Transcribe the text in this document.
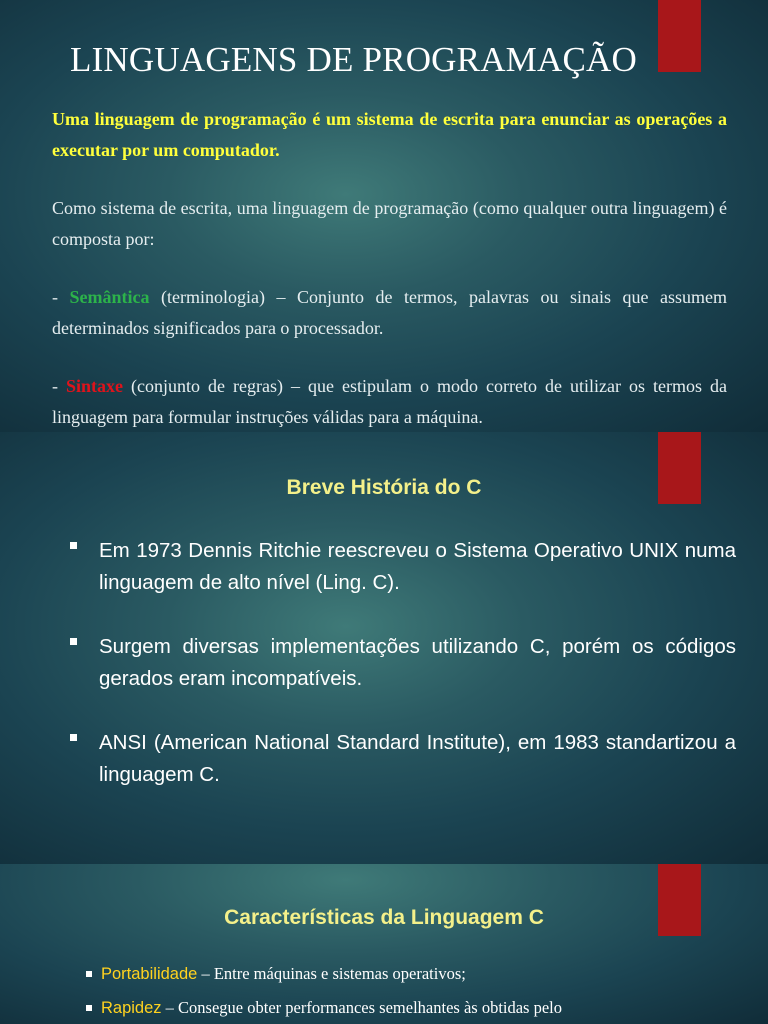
LINGUAGENS DE PROGRAMAÇÃO

Uma linguagem de programação é um sistema de escrita para enunciar as operações a executar por um computador.

Como sistema de escrita, uma linguagem de programação (como qualquer outra linguagem) é composta por:

- Semântica (terminologia) – Conjunto de termos, palavras ou sinais que assumem determinados significados para o processador.

- Sintaxe (conjunto de regras) – que estipulam o modo correto de utilizar os termos da linguagem para formular instruções válidas para a máquina.

Breve História do C
Em 1973 Dennis Ritchie reescreveu o Sistema Operativo UNIX numa linguagem de alto nível (Ling. C).
Surgem diversas implementações utilizando C, porém os códigos gerados eram incompatíveis.
ANSI (American National Standard Institute), em 1983 standartizou a linguagem C.
Características da Linguagem C
Portabilidade – Entre máquinas e sistemas operativos;
Rapidez – Consegue obter performances semelhantes às obtidas pelo
